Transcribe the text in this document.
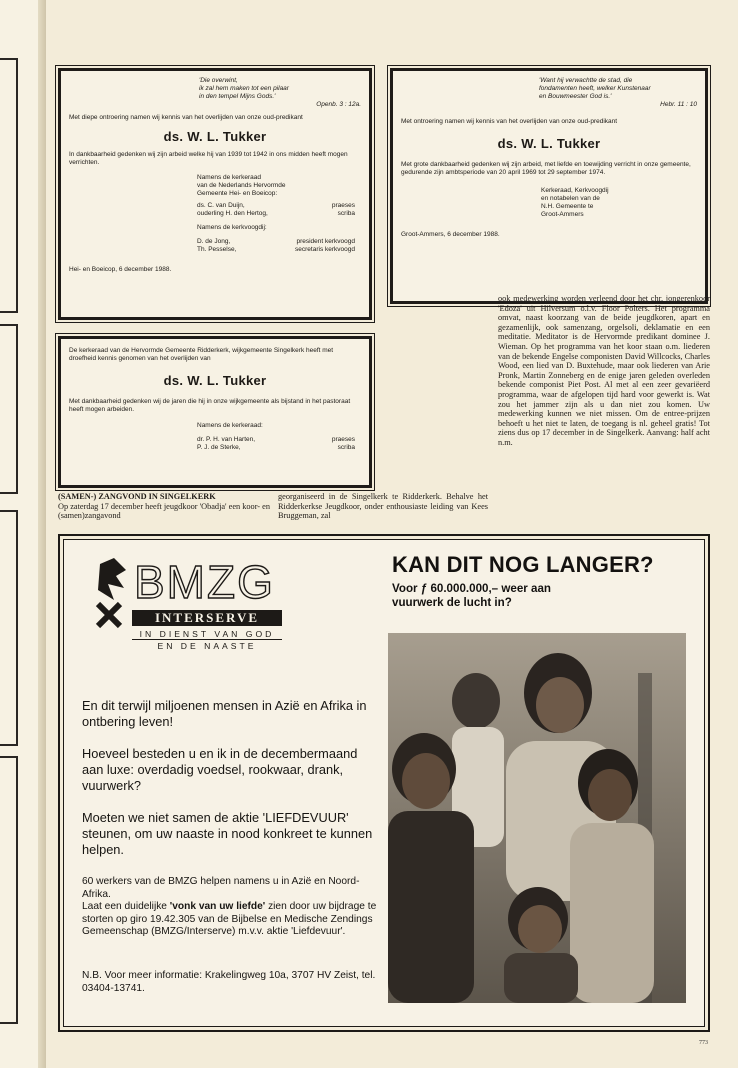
'Die overwint,
ik zal hem maken tot een pilaar
in den tempel Mijns Gods.'
Openb. 3 : 12a.
Met diepe ontroering namen wij kennis van het overlijden van onze oud-predikant
ds. W. L. Tukker
In dankbaarheid gedenken wij zijn arbeid welke hij van 1939 tot 1942 in ons midden heeft mogen verrichten.
Namens de kerkeraad
van de Nederlands Hervormde
Gemeente Hei- en Boeicop:
ds. C. van Duijn,	praeses
ouderling H. den Hertog,	scriba
Namens de kerkvoogdij:
D. de Jong,	president kerkvoogd
Th. Pesselse,	secretaris kerkvoogd
Hei- en Boeicop, 6 december 1988.
'Want hij verwachtte de stad, die
fondamenten heeft, welker Kunstenaar
en Bouwmeester God is.'
Hebr. 11 : 10
Met ontroering namen wij kennis van het overlijden van onze oud-predikant
ds. W. L. Tukker
Met grote dankbaarheid gedenken wij zijn arbeid, met liefde en toewijding verricht in onze gemeente, gedurende zijn ambtsperiode van 20 april 1969 tot 29 september 1974.
Kerkeraad, Kerkvoogdij
en notabelen van de
N.H. Gemeente te
Groot-Ammers
Groot-Ammers, 6 december 1988.
De kerkeraad van de Hervormde Gemeente Ridderkerk, wijkgemeente Singelkerk heeft met droefheid kennis genomen van het overlijden van
ds. W. L. Tukker
Met dankbaarheid gedenken wij de jaren die hij in onze wijkgemeente als bijstand in het pastoraat heeft mogen arbeiden.
Namens de kerkeraad:
dr. P. H. van Harten,	praeses
P. J. de Sterke,	scriba
(SAMEN-) ZANGVOND IN SINGELKERK
Op zaterdag 17 december heeft jeugdkoor 'Obadja' een koor- en (samen)zangavond
georganiseerd in de Singelkerk te Ridderkerk. Behalve het Ridderkerkse Jeugdkoor, onder enthousiaste leiding van Kees Bruggeman, zal
ook medewerking worden verleend door het chr. jongerenkoor 'Edoza' uit Hilversum o.l.v. Floor Polters. Het programma omvat, naast koorzang van de beide jeugdkoren, apart en gezamenlijk, ook samenzang, orgelsoli, deklamatie en een meditatie. Meditator is de Hervormde predikant dominee J. Wieman. Op het programma van het koor staan o.m. liederen van de bekende Engelse componisten David Willcocks, Charles Wood, een lied van D. Buxtehude, maar ook liederen van Arie Pronk, Martin Zonneberg en de enige jaren geleden overleden bekende componist Piet Post. Al met al een zeer gevariëerd programma, waar de afgelopen tijd hard voor gewerkt is. Wat zou het jammer zijn als u dan niet zou komen. Uw medewerking kunnen we niet missen. Om de entree-prijzen behoeft u het niet te laten, de toegang is nl. geheel gratis! Tot ziens dus op 17 december in de Singelkerk. Aanvang: half acht n.m.
BMZG
INTERSERVE
IN DIENST VAN GOD
EN DE NAASTE
KAN DIT NOG LANGER?
Voor ƒ 60.000.000,– weer aan
vuurwerk de lucht in?
En dit terwijl miljoenen mensen in Azië en Afrika in ontbering leven!
Hoeveel besteden u en ik in de decembermaand aan luxe: overdadig voedsel, rookwaar, drank, vuurwerk?
Moeten we niet samen de aktie 'LIEFDEVUUR' steunen, om uw naaste in nood konkreet te kunnen helpen.
60 werkers van de BMZG helpen namens u in Azië en Noord-Afrika.
Laat een duidelijke 'vonk van uw liefde' zien door uw bijdrage te storten op giro 19.42.305 van de Bijbelse en Medische Zendings Gemeenschap (BMZG/Interserve) m.v.v. aktie 'Liefdevuur'.
N.B. Voor meer informatie: Krakelingweg 10a, 3707 HV Zeist, tel. 03404-13741.
773
